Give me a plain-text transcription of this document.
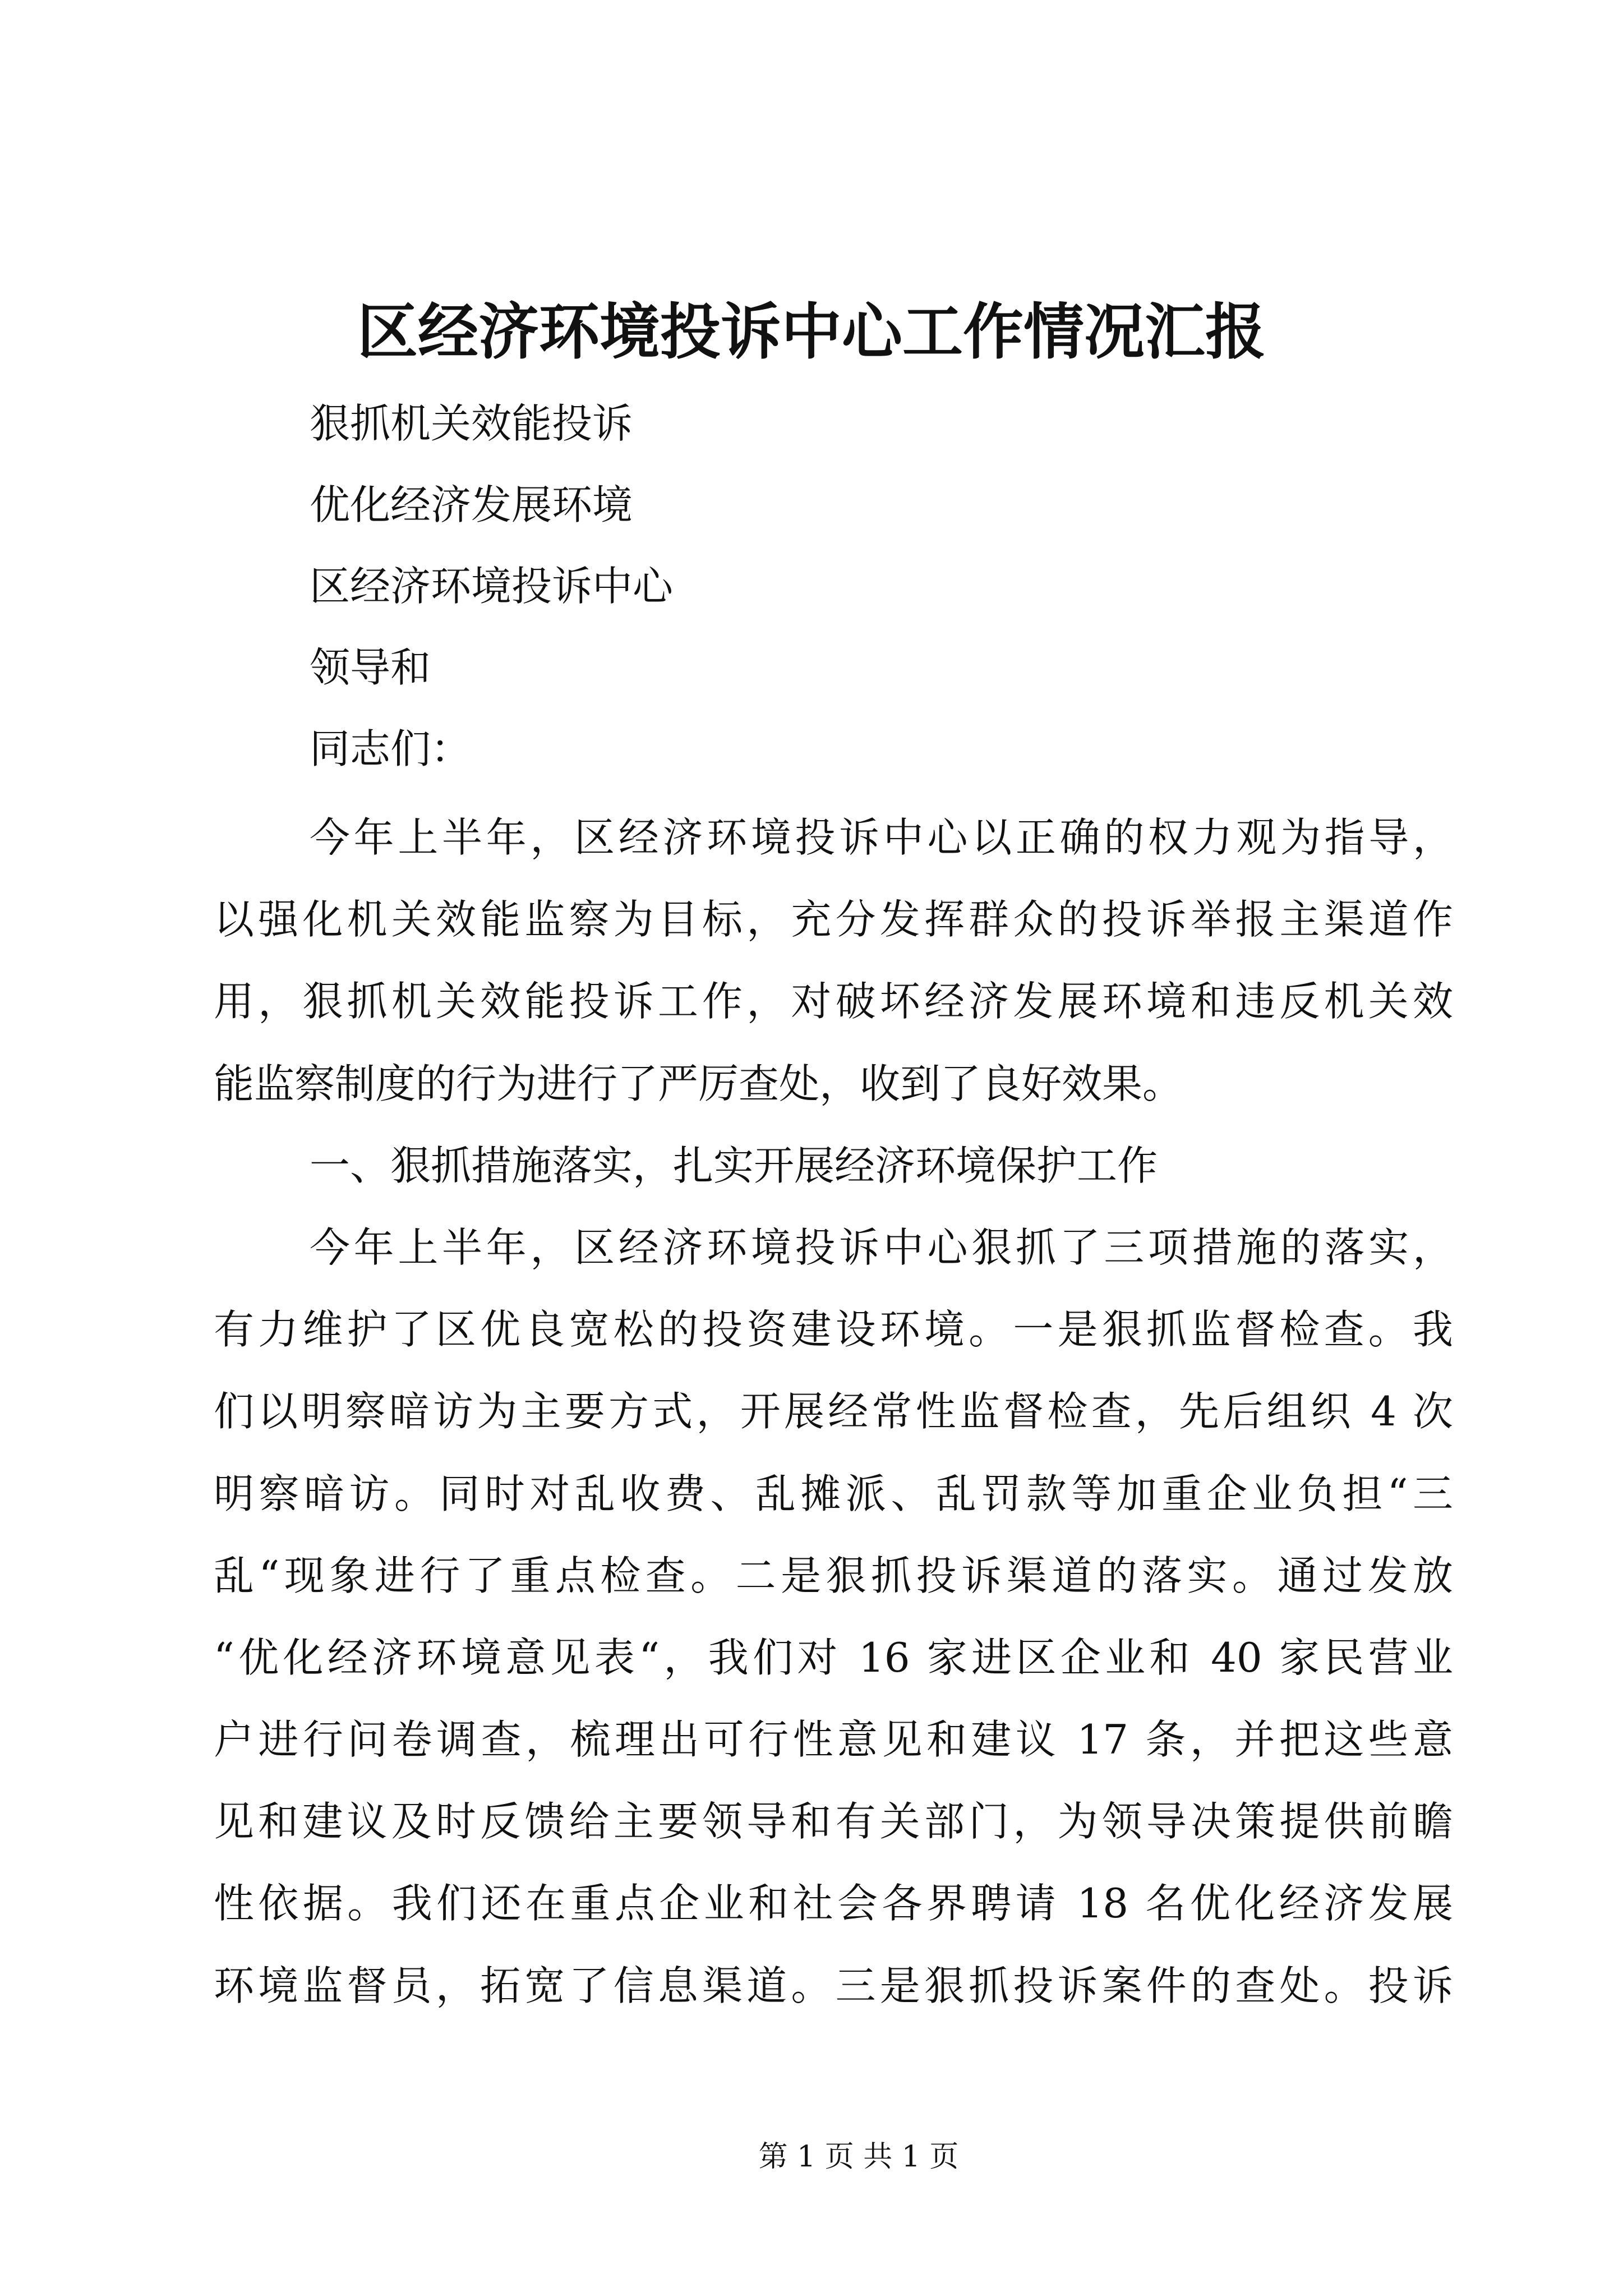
区经济环境投诉中心工作情况汇报
狠抓机关效能投诉
优化经济发展环境
区经济环境投诉中心
领导和
同志们：
今年上半年，区经济环境投诉中心以正确的权力观为指导，
以强化机关效能监察为目标，充分发挥群众的投诉举报主渠道作
用，狠抓机关效能投诉工作，对破坏经济发展环境和违反机关效
能监察制度的行为进行了严厉查处，收到了良好效果。
一、狠抓措施落实，扎实开展经济环境保护工作
今年上半年，区经济环境投诉中心狠抓了三项措施的落实，
有力维护了区优良宽松的投资建设环境。一是狠抓监督检查。我
们以明察暗访为主要方式，开展经常性监督检查，先后组织 4 次
明察暗访。同时对乱收费、乱摊派、乱罚款等加重企业负担“三
乱“现象进行了重点检查。二是狠抓投诉渠道的落实。通过发放
“优化经济环境意见表“，我们对 16 家进区企业和 40 家民营业
户进行问卷调查，梳理出可行性意见和建议 17 条，并把这些意
见和建议及时反馈给主要领导和有关部门，为领导决策提供前瞻
性依据。我们还在重点企业和社会各界聘请 18 名优化经济发展
环境监督员，拓宽了信息渠道。三是狠抓投诉案件的查处。投诉
第 1 页 共 1 页
